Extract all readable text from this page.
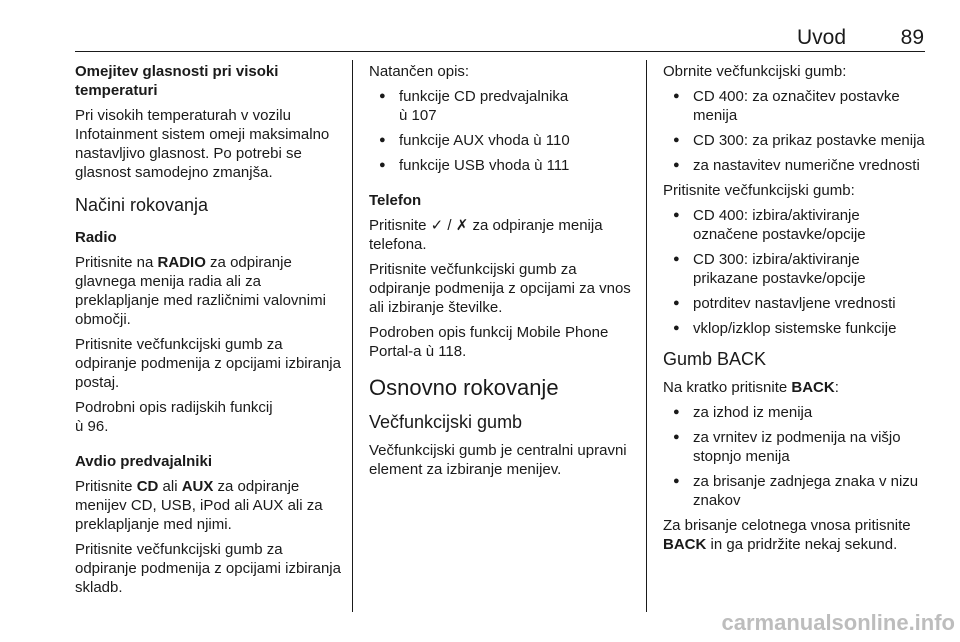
Uvod	89

Omejitev glasnosti pri visoki temperaturi

Pri visokih temperaturah v vozilu Infotainment sistem omeji maksimalno nastavljivo glasnost. Po potrebi se glasnost samodejno zmanjša.

Načini rokovanja

Radio

Pritisnite na RADIO za odpiranje glavnega menija radia ali za preklapljanje med različnimi valovnimi območji.

Pritisnite večfunkcijski gumb za odpiranje podmenija z opcijami izbiranja postaj.

Podrobni opis radijskih funkcij
ù 96.

Avdio predvajalniki

Pritisnite CD ali AUX za odpiranje menijev CD, USB, iPod ali AUX ali za preklapljanje med njimi.

Pritisnite večfunkcijski gumb za odpiranje podmenija z opcijami izbiranja skladb.

Natančen opis:

● funkcije CD predvajalnika
ù 107
● funkcije AUX vhoda ù 110
● funkcije USB vhoda ù 111

Telefon

Pritisnite ✓ / ✗ za odpiranje menija telefona.

Pritisnite večfunkcijski gumb za odpiranje podmenija z opcijami za vnos ali izbiranje številke.

Podroben opis funkcij Mobile Phone Portal-a ù 118.

Osnovno rokovanje
Večfunkcijski gumb

Večfunkcijski gumb je centralni upravni element za izbiranje menijev.

Obrnite večfunkcijski gumb:

● CD 400: za označitev postavke menija
● CD 300: za prikaz postavke menija
● za nastavitev numerične vrednosti

Pritisnite večfunkcijski gumb:

● CD 400: izbira/aktiviranje označene postavke/opcije
● CD 300: izbira/aktiviranje prikazane postavke/opcije
● potrditev nastavljene vrednosti
● vklop/izklop sistemske funkcije
Gumb BACK

Na kratko pritisnite BACK:

● za izhod iz menija
● za vrnitev iz podmenija na višjo stopnjo menija
● za brisanje zadnjega znaka v nizu znakov

Za brisanje celotnega vnosa pritisnite BACK in ga pridržite nekaj sekund.

carmanualsonline.info
